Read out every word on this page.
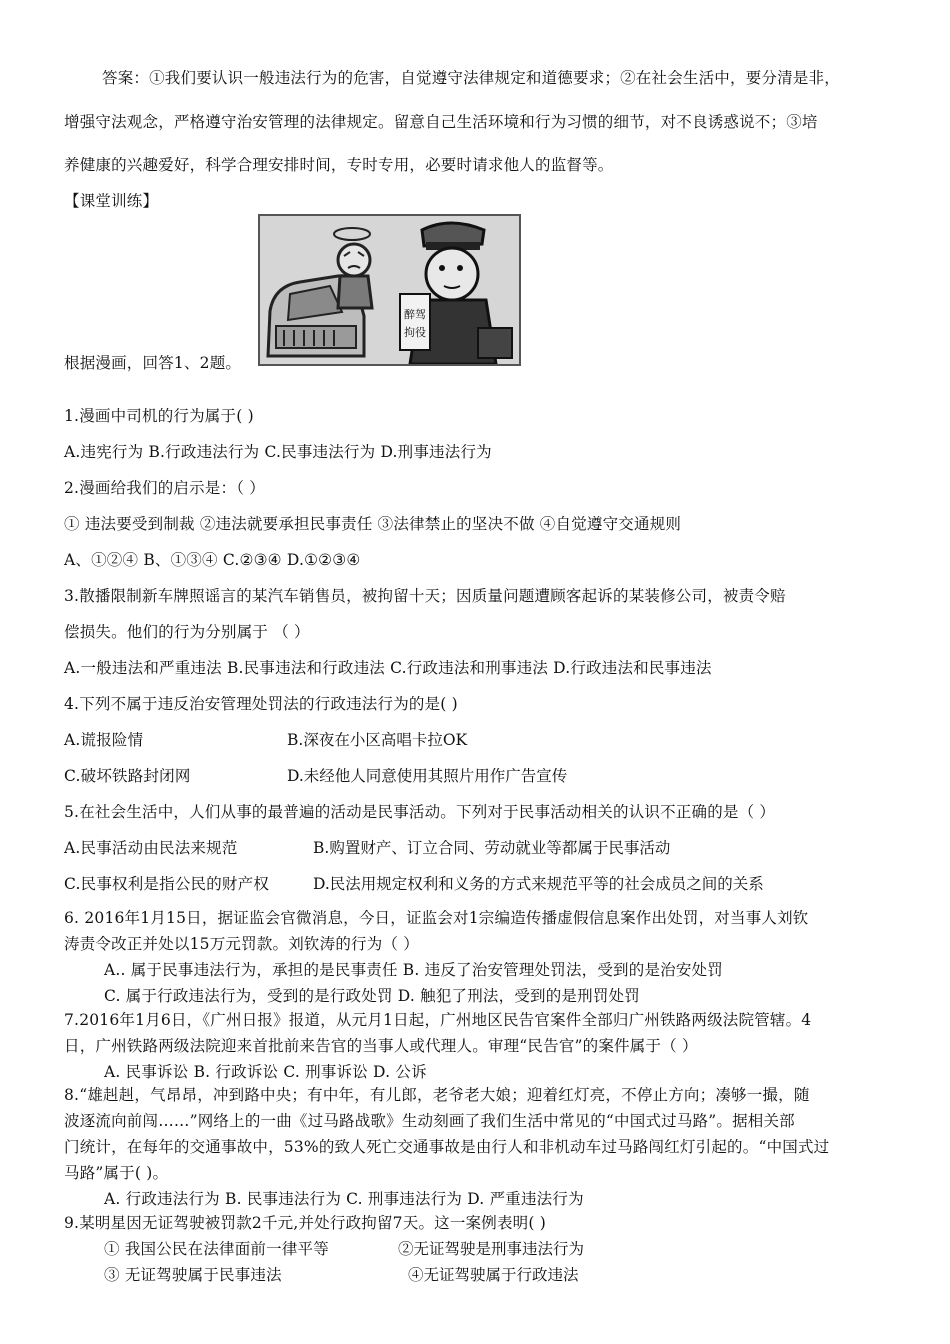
答案：①我们要认识一般违法行为的危害，自觉遵守法律规定和道德要求；②在社会生活中，要分清是非，
增强守法观念，严格遵守治安管理的法律规定。留意自己生活环境和行为习惯的细节，对不良诱惑说不；③培
养健康的兴趣爱好，科学合理安排时间，专时专用，必要时请求他人的监督等。
【课堂训练】
醉驾
拘役
根据漫画，回答1、2题。
1.漫画中司机的行为属于( )
A.违宪行为 B.行政违法行为 C.民事违法行为 D.刑事违法行为
2.漫画给我们的启示是：（ ）
① 违法要受到制裁 ②违法就要承担民事责任 ③法律禁止的坚决不做 ④自觉遵守交通规则
A、①②④ B、①③④ C.②③④ D.①②③④
3.散播限制新车牌照谣言的某汽车销售员，被拘留十天；因质量问题遭顾客起诉的某装修公司，被责令赔
偿损失。他们的行为分别属于 （ ）
A.一般违法和严重违法 B.民事违法和行政违法 C.行政违法和刑事违法 D.行政违法和民事违法
4.下列不属于违反治安管理处罚法的行政违法行为的是( )
A.谎报险情	B.深夜在小区高唱卡拉OK
C.破坏铁路封闭网	D.未经他人同意使用其照片用作广告宣传
5.在社会生活中，人们从事的最普遍的活动是民事活动。下列对于民事活动相关的认识不正确的是（ ）
A.民事活动由民法来规范	B.购置财产、订立合同、劳动就业等都属于民事活动
C.民事权利是指公民的财产权	D.民法用规定权利和义务的方式来规范平等的社会成员之间的关系
6. 2016年1月15日，据证监会官微消息，今日，证监会对1宗编造传播虚假信息案作出处罚，对当事人刘钦
涛责令改正并处以15万元罚款。刘钦涛的行为（ ）
A.. 属于民事违法行为，承担的是民事责任 B. 违反了治安管理处罚法，受到的是治安处罚
C. 属于行政违法行为，受到的是行政处罚 D. 触犯了刑法，受到的是刑罚处罚
7.2016年1月6日，《广州日报》报道，从元月1日起，广州地区民告官案件全部归广州铁路两级法院管辖。4
日，广州铁路两级法院迎来首批前来告官的当事人或代理人。审理“民告官”的案件属于（ ）
A. 民事诉讼 B. 行政诉讼 C. 刑事诉讼 D. 公诉
8.“雄赳赳，气昂昂，冲到路中央；有中年，有儿郎，老爷老大娘；迎着红灯亮，不停止方向；凑够一撮，随
波逐流向前闯……”网络上的一曲《过马路战歌》生动刻画了我们生活中常见的“中国式过马路”。据相关部
门统计，在每年的交通事故中，53%的致人死亡交通事故是由行人和非机动车过马路闯红灯引起的。“中国式过
马路”属于( )。
A. 行政违法行为 B. 民事违法行为 C. 刑事违法行为 D. 严重违法行为
9.某明星因无证驾驶被罚款2千元,并处行政拘留7天。这一案例表明( )
① 我国公民在法律面前一律平等	②无证驾驶是刑事违法行为
③ 无证驾驶属于民事违法	④无证驾驶属于行政违法
